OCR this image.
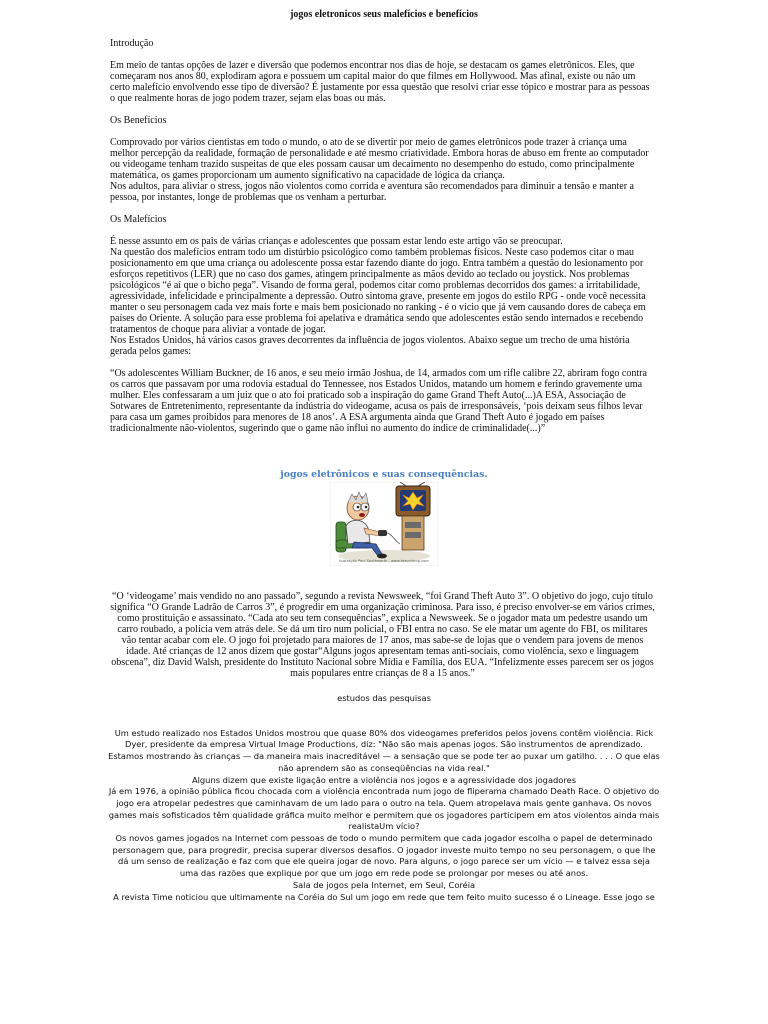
jogos eletronicos seus malefícios e benefícios

Introdução

Em meio de tantas opções de lazer e diversão que podemos encontrar nos dias de hoje, se destacam os games eletrônicos. Eles, que começaram nos anos 80, explodiram agora e possuem um capital maior do que filmes em Hollywood. Mas afinal, existe ou não um certo malefício envolvendo esse tipo de diversão? É justamente por essa questão que resolvi criar esse tópico e mostrar para as pessoas o que realmente horas de jogo podem trazer, sejam elas boas ou más.

Os Benefícios

Comprovado por vários cientistas em todo o mundo, o ato de se divertir por meio de games eletrônicos pode trazer à criança uma melhor percepção da realidade, formação de personalidade e até mesmo criatividade. Embora horas de abuso em frente ao computador ou videogame tenham trazido suspeitas de que eles possam causar um decaimento no desempenho do estudo, como principalmente matemática, os games proporcionam um aumento significativo na capacidade de lógica da criança.

Nos adultos, para aliviar o stress, jogos não violentos como corrida e aventura são recomendados para diminuir a tensão e manter a pessoa, por instantes, longe de problemas que os venham a perturbar.

Os Malefícios

É nesse assunto em os pais de várias crianças e adolescentes que possam estar lendo este artigo vão se preocupar.

Na questão dos malefícios entram todo um distúrbio psicológico como também problemas físicos. Neste caso podemos citar o mau posicionamento em que uma criança ou adolescente possa estar fazendo diante do jogo. Entra também a questão do lesionamento por esforços repetitivos (LER) que no caso dos games, atingem principalmente as mãos devido ao teclado ou joystick. Nos problemas psicológicos “é aí que o bicho pega”. Visando de forma geral, podemos citar como problemas decorridos dos games: a irritabilidade, agressividade, infelicidade e principalmente a depressão. Outro sintoma grave, presente em jogos do estilo RPG - onde você necessita manter o seu personagem cada vez mais forte e mais bem posicionado no ranking - é o vício que já vem causando dores de cabeça em países do Oriente. A solução para esse problema foi apelativa e dramática sendo que adolescentes estão sendo internados e recebendo tratamentos de choque para aliviar a vontade de jogar.

Nos Estados Unidos, há vários casos graves decorrentes da influência de jogos violentos. Abaixo segue um trecho de uma história gerada pelos games:

“Os adolescentes William Buckner, de 16 anos, e seu meio irmão Joshua, de 14, armados com um rifle calibre 22, abriram fogo contra os carros que passavam por uma rodovia estadual do Tennessee, nos Estados Unidos, matando um homem e ferindo gravemente uma mulher. Eles confessaram a um juiz que o ato foi praticado sob a inspiração do game Grand Theft Auto(...)A ESA, Associação de Sotwares de Entretenimento, representante da indústria do videogame, acusa os pais de irresponsáveis, ‘pois deixam seus filhos levar para casa um games proibidos para menores de 18 anos’. A ESA argumenta ainda que Grand Theft Auto é jogado em países tradicionalmente não-violentos, sugerindo que o game não influi no aumento do índice de criminalidade(...)”

jogos eletrônicos e suas consequências.
Ilustração Paul Southworth - www.keezylamp.com

“O ‘videogame’ mais vendido no ano passado”, segundo a revista Newsweek, “foi Grand Theft Auto 3”. O objetivo do jogo, cujo título significa “O Grande Ladrão de Carros 3”, é progredir em uma organização criminosa. Para isso, é preciso envolver-se em vários crimes, como prostituição e assassinato. “Cada ato seu tem consequências”, explica a Newsweek. Se o jogador mata um pedestre usando um carro roubado, a polícia vem atrás dele. Se dá um tiro num policial, o FBI entra no caso. Se ele matar um agente do FBI, os militares vão tentar acabar com ele. O jogo foi projetado para maiores de 17 anos, mas sabe-se de lojas que o vendem para jovens de menos idade. Até crianças de 12 anos dizem que gostar“Alguns jogos apresentam temas anti-sociais, como violência, sexo e linguagem obscena”, diz David Walsh, presidente do Instituto Nacional sobre Mídia e Família, dos EUA. “Infelizmente esses parecem ser os jogos mais populares entre crianças de 8 a 15 anos.”

estudos das pesquisas

Um estudo realizado nos Estados Unidos mostrou que quase 80% dos videogames preferidos pelos jovens contêm violência. Rick Dyer, presidente da empresa Virtual Image Productions, diz: "Não são mais apenas jogos. São instrumentos de aprendizado. Estamos mostrando às crianças — da maneira mais inacreditável — a sensação que se pode ter ao puxar um gatilho. . . . O que elas não aprendem são as conseqüências na vida real."

Alguns dizem que existe ligação entre a violência nos jogos e a agressividade dos jogadores

Já em 1976, a opinião pública ficou chocada com a violência encontrada num jogo de fliperama chamado Death Race. O objetivo do jogo era atropelar pedestres que caminhavam de um lado para o outro na tela. Quem atropelava mais gente ganhava. Os novos games mais sofisticados têm qualidade gráfica muito melhor e permitem que os jogadores participem em atos violentos ainda mais realistaUm vício?

Os novos games jogados na Internet com pessoas de todo o mundo permitem que cada jogador escolha o papel de determinado personagem que, para progredir, precisa superar diversos desafios. O jogador investe muito tempo no seu personagem, o que lhe dá um senso de realização e faz com que ele queira jogar de novo. Para alguns, o jogo parece ser um vício — e talvez essa seja uma das razões que explique por que um jogo em rede pode se prolongar por meses ou até anos.

Sala de jogos pela Internet, em Seul, Coréia

A revista Time noticiou que ultimamente na Coréia do Sul um jogo em rede que tem feito muito sucesso é o Lineage. Esse jogo se
